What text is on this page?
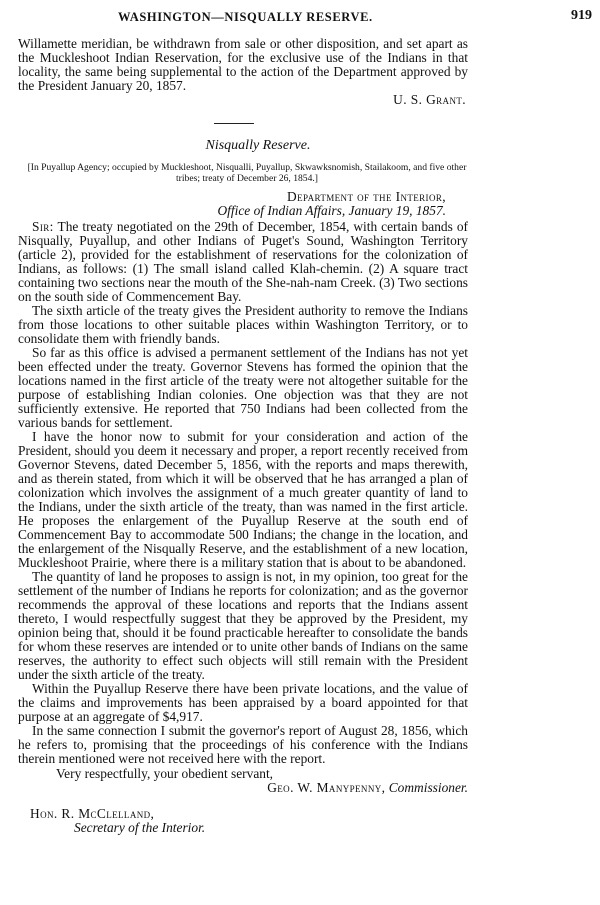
WASHINGTON—NISQUALLY RESERVE.	919

Willamette meridian, be withdrawn from sale or other disposition, and set apart as the Muckleshoot Indian Reservation, for the exclusive use of the Indians in that locality, the same being supplemental to the action of the Department approved by the President January 20, 1857.

U. S. Grant.

Nisqually Reserve.

[In Puyallup Agency; occupied by Muckleshoot, Nisqualli, Puyallup, Skwawksnomish, Stailakoom, and five other tribes; treaty of December 26, 1854.]

Department of the Interior,

Office of Indian Affairs, January 19, 1857.

Sir: The treaty negotiated on the 29th of December, 1854, with certain bands of Nisqually, Puyallup, and other Indians of Puget's Sound, Washington Territory (article 2), provided for the establishment of reservations for the colonization of Indians, as follows: (1) The small island called Klah-chemin. (2) A square tract containing two sections near the mouth of the She-nah-nam Creek. (3) Two sections on the south side of Commencement Bay.

The sixth article of the treaty gives the President authority to remove the Indians from those locations to other suitable places within Washington Territory, or to consolidate them with friendly bands.

So far as this office is advised a permanent settlement of the Indians has not yet been effected under the treaty. Governor Stevens has formed the opinion that the locations named in the first article of the treaty were not altogether suitable for the purpose of establishing Indian colonies. One objection was that they are not sufficiently extensive. He reported that 750 Indians had been collected from the various bands for settlement.

I have the honor now to submit for your consideration and action of the President, should you deem it necessary and proper, a report recently received from Governor Stevens, dated December 5, 1856, with the reports and maps therewith, and as therein stated, from which it will be observed that he has arranged a plan of colonization which involves the assignment of a much greater quantity of land to the Indians, under the sixth article of the treaty, than was named in the first article. He proposes the enlargement of the Puyallup Reserve at the south end of Commencement Bay to accommodate 500 Indians; the change in the location, and the enlargement of the Nisqually Reserve, and the establishment of a new location, Muckleshoot Prairie, where there is a military station that is about to be abandoned.

The quantity of land he proposes to assign is not, in my opinion, too great for the settlement of the number of Indians he reports for colonization; and as the governor recommends the approval of these locations and reports that the Indians assent thereto, I would respectfully suggest that they be approved by the President, my opinion being that, should it be found practicable hereafter to consolidate the bands for whom these reserves are intended or to unite other bands of Indians on the same reserves, the authority to effect such objects will still remain with the President under the sixth article of the treaty.

Within the Puyallup Reserve there have been private locations, and the value of the claims and improvements has been appraised by a board appointed for that purpose at an aggregate of $4,917.

In the same connection I submit the governor's report of August 28, 1856, which he refers to, promising that the proceedings of his conference with the Indians therein mentioned were not received here with the report.

Very respectfully, your obedient servant,

Geo. W. Manypenny, Commissioner.

Hon. R. McClelland,

Secretary of the Interior.
